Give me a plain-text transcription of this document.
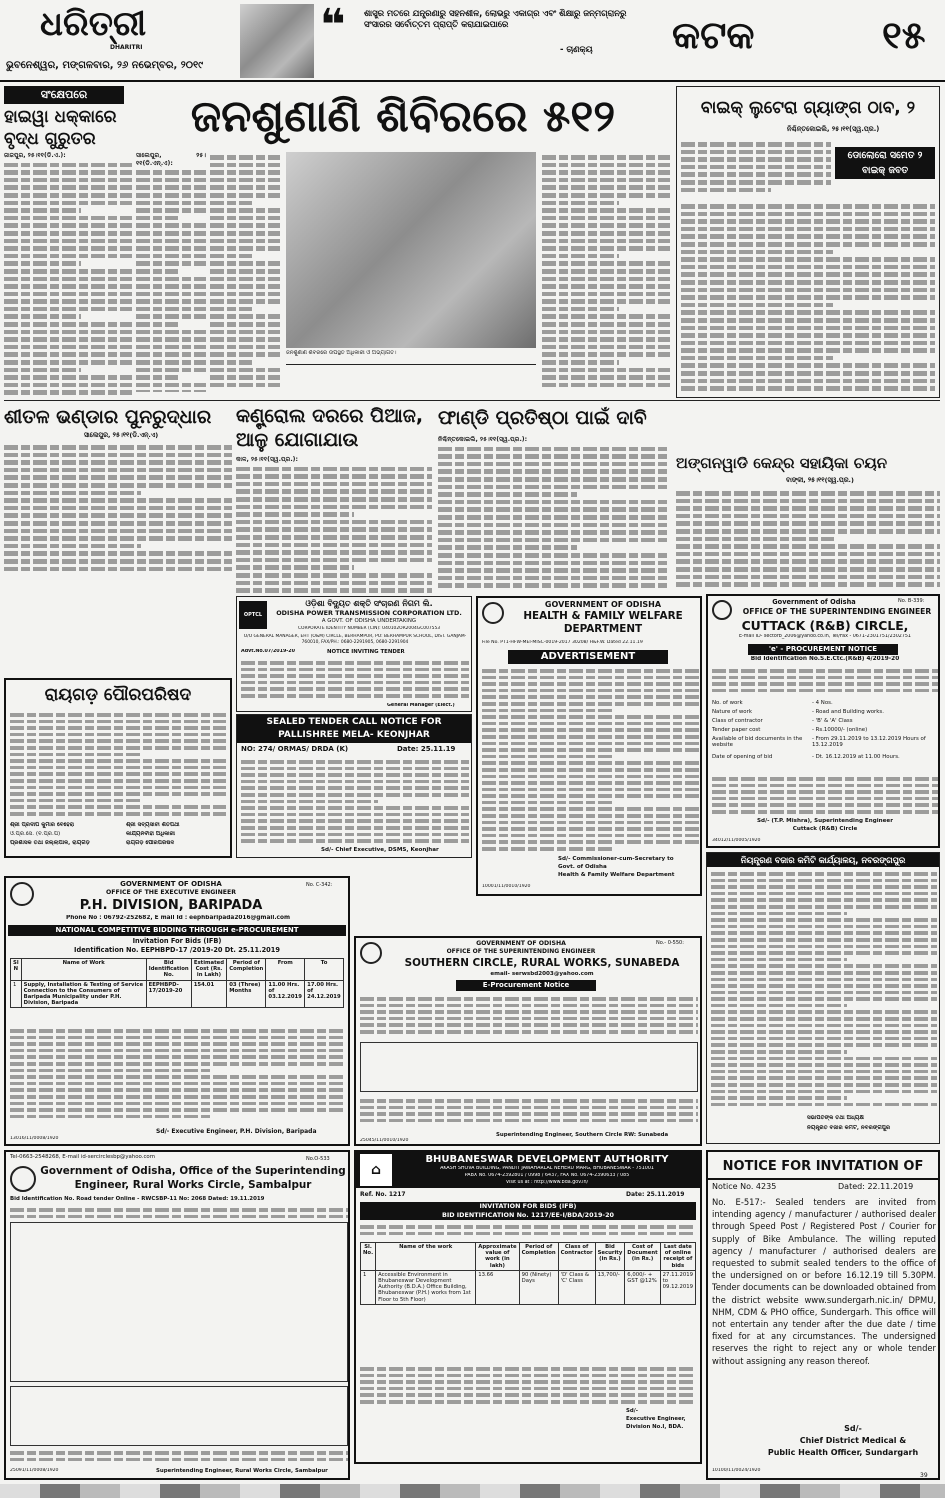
ଧରିତ୍ରୀ
DHARITRI
ଭୁବନେଶ୍ୱର, ମଙ୍ଗଳବାର, ୨୬ ନଭେମ୍ବର, ୨୦୧୯
❝	ଶାସ୍ତ୍ର ମତରେ ଯନ୍ତ୍ରଣାରୁ ସହନଶୀଳ, ଲୋଭରୁ ଏକାଗ୍ର ଏବଂ ଶିକ୍ଷାରୁ ଜନ୍ମଗ୍ରାନରୁ ସଂସାରର ସର୍ବୋତ୍ତମ ପ୍ରାପ୍ତି କରାଯାଇପାରେ
- ଚାଣକ୍ୟ	କଟକ	୧୫
ସଂକ୍ଷେପରେ
ହାଇୱା ଧକ୍କାରେ ବୃଦ୍ଧ ଗୁରୁତର
ଜାଜପୁର, ୨୫।୧୧(ଡି.ଏ.):
ଜନଶୁଣାଣି ଶିବିରରେ ୫୧୨
ସାଲେପୁର, ୨୫।୧୧(ଡି.ଏନ୍.ଏ):
ଜନଶୁଣାଣି ଶିବିରରେ ଉପସ୍ଥିତ ଅଧିକାରୀ ଓ ଅଭ୍ୟାଗତ।
ବାଇକ୍ ଲୁଟେରା ଗ୍ୟାଙ୍ଗ ଠାବ, ୨
ନିଶ୍ଚିନ୍ତକୋଇଲି, ୨୫।୧୧(ସ୍ୱ.ପ୍ର.)
ଡୋଲୋରୋ ସମେତ ୨ ବାଇକ୍ ଜବତ
ଶୀତଳ ଭଣ୍ଡାର ପୁନରୁଦ୍ଧାର
ସାଲେପୁର, ୨୫।୧୧(ଡି.ଏନ୍.ଏ)
କଣ୍ଟ୍ରୋଲ ଦରରେ ପିଆଜ, ଆଳୁ ଯୋଗାଯାଉ
କାଳ, ୨୫।୧୧(ସ୍ୱ.ପ୍ର.):
ଫାଣ୍ଡି ପ୍ରତିଷ୍ଠା ପାଇଁ ଦାବି
ନିଶ୍ଚିନ୍ତକୋଇଲି, ୨୫।୧୧(ସ୍ୱ.ପ୍ର.):
ଅଙ୍ଗନୱାଡି କେନ୍ଦ୍ର ସହାୟିକା ଚୟନ
ବାଙ୍କୀ, ୨୫।୧୧(ସ୍ୱ.ପ୍ର.)
ରାୟଗଡ଼ ପୌରପରିଷଦ
ଶ୍ରୀ ପ୍ରଦୀପ କୁମାର ବେହେରା
ଓ.ପ୍ର.ସେ. (ବ.ପ୍ର.ପ)
ପ୍ରଶାସକ ତଥା ଜିଲ୍ଲାପାଳ, ରାୟଗଡ଼
ଶ୍ରୀ ସବ୍ୟସାଚୀ ଶତପଥୀ
କାର୍ଯ୍ୟନିର୍ବାହୀ ଅଧିକାରୀ
ରାୟଗଡ଼ ପୌରପରିଷଦ
OPTCL
ଓଡ଼ିଶା ବିଦ୍ୟୁତ ଶକ୍ତି ସଂଚାରଣ ନିଗମ ଲି.
ODISHA POWER TRANSMISSION CORPORATION LTD.
A GOVT. OF ODISHA UNDERTAKING
CORPORATE IDENTITY NUMBER (CIN): U40102OR2004GC007553
O/O GENERAL MANAGER, EHT (O&M) CIRCLE, BERHAMPUR, PO: BERHAMPUR SCHOOL, DIST. GANJAM-760010, FAX/PH.: 0680-2291905, 0680-2291904
Advt.No.07/2019-20	NOTICE INVITING TENDER
General Manager (Elect.)
SEALED TENDER CALL NOTICE FOR PALLISHREE MELA- KEONJHAR
NO: 274/ ORMAS/ DRDA (K)	Date: 25.11.19
Sd/- Chief Executive, DSMS, Keonjhar
GOVERNMENT OF ODISHA
HEALTH & FAMILY WELFARE DEPARTMENT
File No. PT1-HFW-MEI-MISC-0019-2017 30208/ H&F.W. Dated 22.11.19
ADVERTISEMENT
Sd/- Commissioner-cum-Secretary to
Govt. of Odisha
Health & Family Welfare Department
10001/11/0010/1920
No. B-339:
Government of Odisha
OFFICE OF THE SUPERINTENDING ENGINEER
CUTTACK (R&B) CIRCLE,
E-mail ID- sectorb_2006@yahoo.co.in, Tel/Fax - 0671-2301751/2302751
'e' - PROCUREMENT NOTICE
Bid Identification No.S.E.Ctc.(R&B) 4/2019-20
No. of work	- 4 Nos.
Nature of work	- Road and Building works.
Class of contractor	- 'B' & 'A' Class
Tender paper cost	- Rs.10000/- (online)
Available of bid documents in the website
- From 29.11.2019 to 13.12.2019 Hours of 13.12.2019
Date of opening of bid	- Dt. 16.12.2019 at 11.00 Hours.
Sd/- (T.P. Mishra), Superintending Engineer
Cuttack (R&B) Circle
34012/11/0005/1920
ନିୟନ୍ତ୍ରଣ ବଜାର କମିଟି କାର୍ଯ୍ୟାଳୟ, ନବରଙ୍ଗପୁର
ସଭାପତିଙ୍କ ତଥା ଅଧ୍ୟକ୍ଷ
ନିୟନ୍ତ୍ରିତ ବଜାର କମିଟି, ନବରଙ୍ଗପୁର
No. C-342:
GOVERNMENT OF ODISHA
OFFICE OF THE EXECUTIVE ENGINEER
P.H. DIVISION, BARIPADA
Phone No : 06792-252682, E mail Id : eephbaripada2016@gmail.com
NATIONAL COMPETITIVE BIDDING THROUGH e-PROCUREMENT
Invitation For Bids (IFB)
Identification No. EEPHBPD-17 /2019-20 Dt. 25.11.2019
Sl N	Name of Work	Bid Identification No.	Estimated Cost (Rs. in Lakh)	Period of Completion	From	To
1	Supply, Installation & Testing of Service Connection to the Consumers of Baripada Municipality under P.H. Division, Baripada	EEPHBPD-17/2019-20	154.01	03 (Three) Months	11.00 Hrs. of 03.12.2019	17.00 Hrs. of 24.12.2019
Sd/- Executive Engineer, P.H. Division, Baripada
13016/11/0008/1920
No.- 0-550:
GOVERNMENT OF ODISHA
OFFICE OF THE SUPERINTENDING ENGINEER
SOUTHERN CIRCLE, RURAL WORKS, SUNABEDA
email- serwsbd2003@yahoo.com
E-Procurement Notice
Superintending Engineer, Southern Circle RW: Sunabeda
25045/11/0010/1920
Tel-0663-2548268, E-mail id-sercirclesbp@yahoo.com	No.O-533
Government of Odisha, Office of the Superintending Engineer, Rural Works Circle, Sambalpur
Bid Identification No. Road tender Online - RWCSBP-11 No: 2068 Dated: 19.11.2019
25091/11/0008/1920	Superintending Engineer, Rural Works Circle, Sambalpur
⌂
BHUBANESWAR DEVELOPMENT AUTHORITY
AKASH SHOVA BUILDING, PANDIT JAWAHARLAL NEHERU MARG, BHUBANESWAR - 751001
PABX No. 0674-2392801 / 0998 / 6437, FAX No. 0674-2390633 / 085
Visit us at : http://www.bda.gov.in/
Ref. No. 1217	Date: 25.11.2019
INVITATION FOR BIDS (IFB)
BID IDENTIFICATION No. 1217/EE-I/BDA/2019-20
Sl. No.	Name of the work	Approximate value of work (in lakh)	Period of Completion	Class of Contractor	Bid Security (in Rs.)	Cost of Document (in Rs.)	Last date of online receipt of bids
1	Accessible Environment in Bhubaneswar Development Authority (B.D.A.) Office Building, Bhubaneswar (P.H.) works from 1st Floor to 5th Floor)	13.66	90 (Ninety) Days	'D' Class & 'C' Class	13,700/-	6,000/- + GST @12%	27.11.2019 to 09.12.2019
Sd/-
Executive Engineer,
Division No.I, BDA.
NOTICE FOR INVITATION OF
Notice No. 4235	Dated: 22.11.2019
No. E-517:- Sealed tenders are invited from intending agency / manufacturer / authorised dealer through Speed Post / Registered Post / Courier for supply of Bike Ambulance. The willing reputed agency / manufacturer / authorised dealers are requested to submit sealed tenders to the office of the undersigned on or before 16.12.19 till 5.30PM. Tender documents can be downloaded obtained from the district website www.sundergarh.nic.in/ DPMU, NHM, CDM & PHO office, Sundergarh. This office will not entertain any tender after the due date / time fixed for at any circumstances. The undersigned reserves the right to reject any or whole tender without assigning any reason thereof.
Sd/-
Chief District Medical &
Public Health Officer, Sundargarh
10100/11/0024/1920
39
